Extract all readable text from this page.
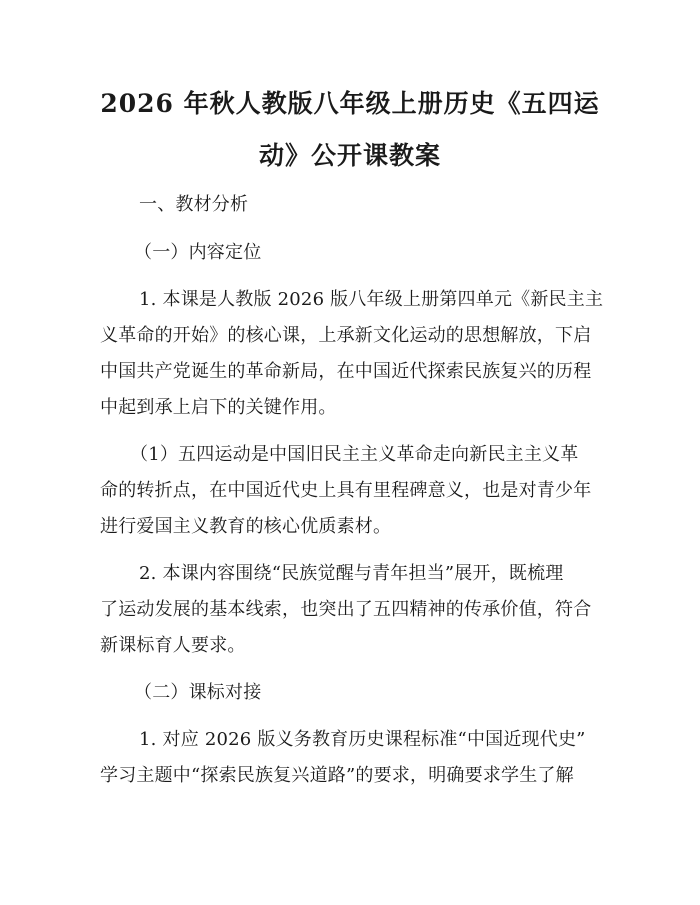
2026 年秋人教版八年级上册历史《五四运
动》公开课教案
一、教材分析
（一）内容定位
1. 本课是人教版 2026 版八年级上册第四单元《新民主主
义革命的开始》的核心课，上承新文化运动的思想解放，下启
中国共产党诞生的革命新局，在中国近代探索民族复兴的历程
中起到承上启下的关键作用。
（1）五四运动是中国旧民主主义革命走向新民主主义革
命的转折点，在中国近代史上具有里程碑意义，也是对青少年
进行爱国主义教育的核心优质素材。
2. 本课内容围绕“民族觉醒与青年担当”展开，既梳理
了运动发展的基本线索，也突出了五四精神的传承价值，符合
新课标育人要求。
（二）课标对接
1. 对应 2026 版义务教育历史课程标准“中国近现代史”
学习主题中“探索民族复兴道路”的要求，明确要求学生了解
